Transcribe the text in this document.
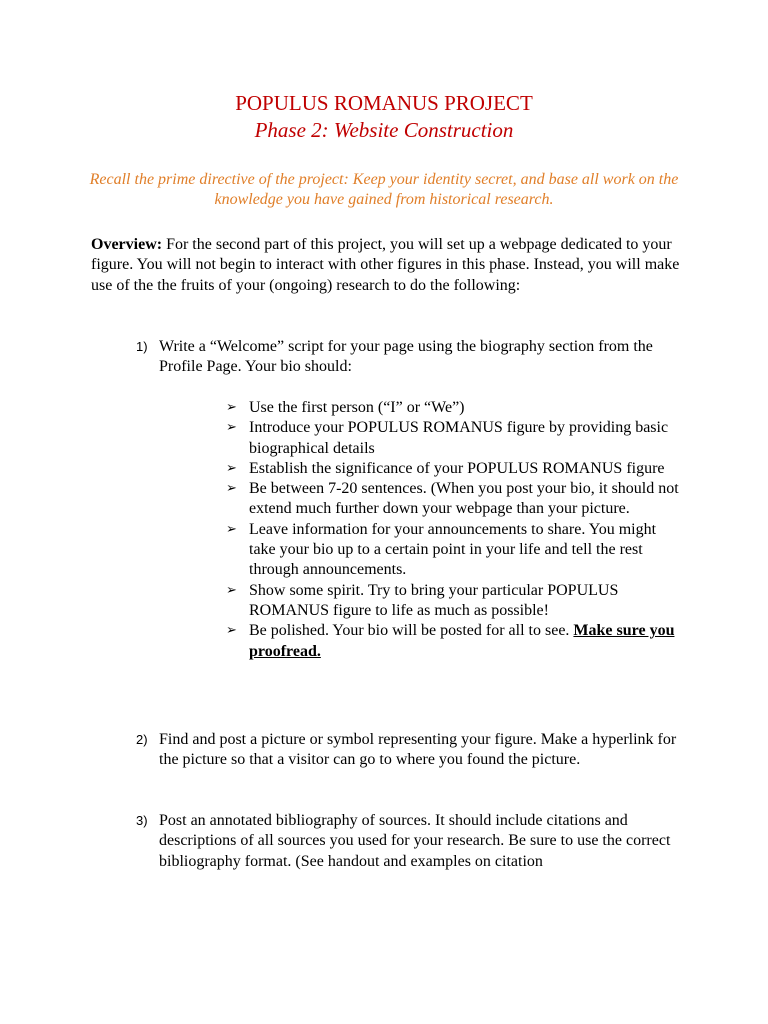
POPULUS ROMANUS PROJECT
Phase 2: Website Construction
Recall the prime directive of the project: Keep your identity secret, and base all work on the knowledge you have gained from historical research.
Overview: For the second part of this project, you will set up a webpage dedicated to your figure. You will not begin to interact with other figures in this phase. Instead, you will make use of the the fruits of your (ongoing) research to do the following:
1) Write a “Welcome” script for your page using the biography section from the Profile Page. Your bio should:
➢ Use the first person (“I” or “We”)
➢ Introduce your POPULUS ROMANUS figure by providing basic biographical details
➢ Establish the significance of your POPULUS ROMANUS figure
➢ Be between 7-20 sentences. (When you post your bio, it should not extend much further down your webpage than your picture.
➢ Leave information for your announcements to share. You might take your bio up to a certain point in your life and tell the rest through announcements.
➢ Show some spirit. Try to bring your particular POPULUS ROMANUS figure to life as much as possible!
➢ Be polished. Your bio will be posted for all to see. Make sure you proofread.
2) Find and post a picture or symbol representing your figure. Make a hyperlink for the picture so that a visitor can go to where you found the picture.
3) Post an annotated bibliography of sources. It should include citations and descriptions of all sources you used for your research. Be sure to use the correct bibliography format. (See handout and examples on citation
